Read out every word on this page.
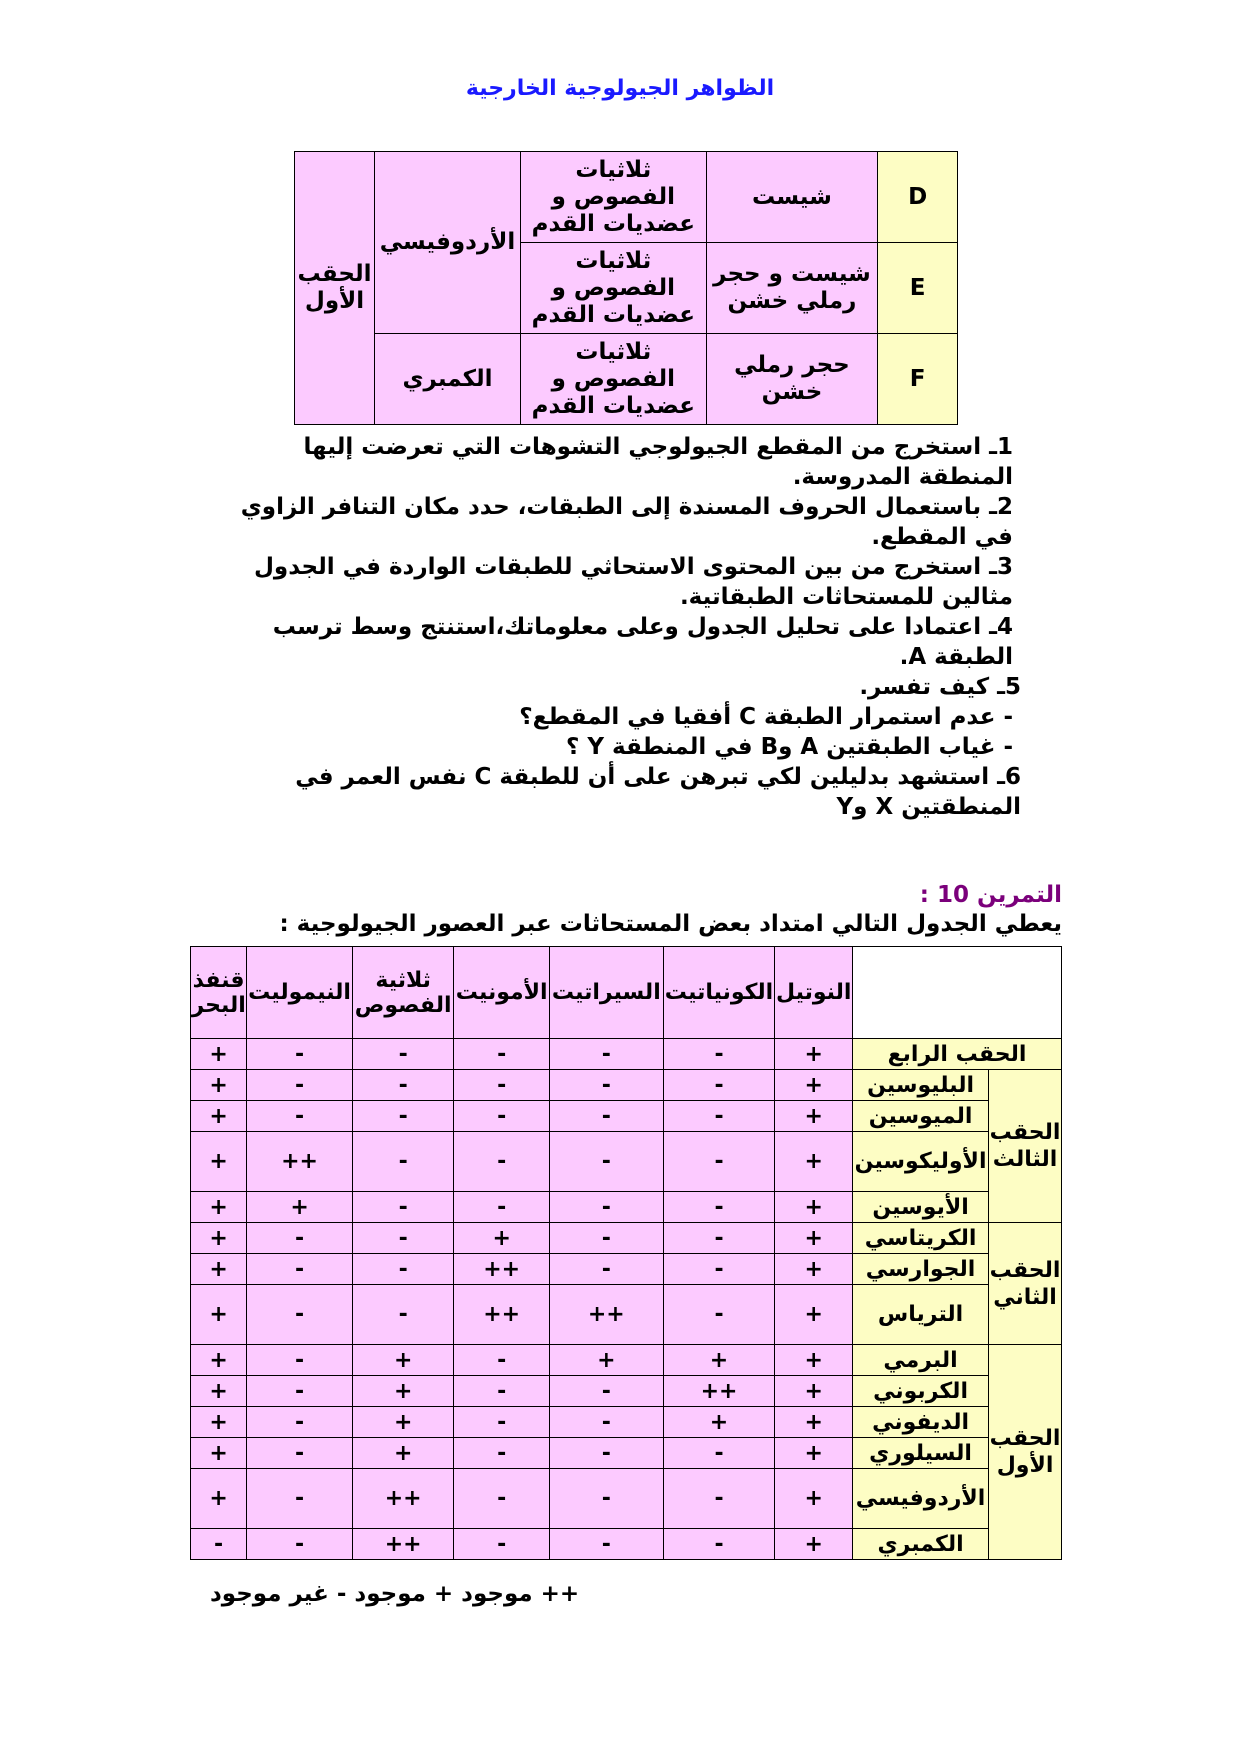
الظواهر الجيولوجية الخارجية
D	شيست	ثلاثيات الفصوص و عضديات القدم	الأردوفيسي	الحقب الأول
E	شيست و حجر رملي خشن	ثلاثيات الفصوص و عضديات القدم		
F	حجر رملي خشن	ثلاثيات الفصوص و عضديات القدم	الكمبري	

1ـ استخرج من المقطع الجيولوجي التشوهات التي تعرضت إليها المنطقة المدروسة.

2ـ باستعمال الحروف المسندة إلى الطبقات، حدد مكان التنافر الزاوي في المقطع.

3ـ استخرج من بين المحتوى الاستحاثي للطبقات الواردة في الجدول مثالين للمستحاثات الطبقاتية.

4ـ اعتمادا على تحليل الجدول وعلى معلوماتك،استنتج وسط ترسب الطبقة A.

5ـ كيف تفسر.

- عدم استمرار الطبقة C أفقيا في المقطع؟

- غياب الطبقتين A وB في المنطقة Y ؟

6ـ استشهد بدليلين لكي تبرهن على أن للطبقة C نفس العمر في المنطقتين X وY

التمرين 10 :
يعطي الجدول التالي امتداد بعض المستحاثات عبر العصور الجيولوجية :
		النوتيل	الكونياتيت	السيراتيت	الأمونيت	ثلاثية الفصوص	النيموليت	قنفذ البحر
الحقب الرابع		+	-	-	-	-	-	+
الحقب الثالث	البليوسين	+	-	-	-	-	-	+
	الميوسين	+	-	-	-	-	-	+
	الأوليكوسين	+	-	-	-	-	++	+
	الأيوسين	+	-	-	-	-	+	+
الحقب الثاني	الكريتاسي	+	-	-	+	-	-	+
	الجوارسي	+	-	-	++	-	-	+
	الترياس	+	-	++	++	-	-	+
الحقب الأول	البرمي	+	+	+	-	+	-	+
	الكربوني	+	++	-	-	+	-	+
	الديفوني	+	+	-	-	+	-	+
	السيلوري	+	-	-	-	+	-	+
	الأردوفيسي	+	-	-	-	++	-	+
	الكمبري	+	-	-	-	++	-	-
++ موجود + موجود - غير موجود
